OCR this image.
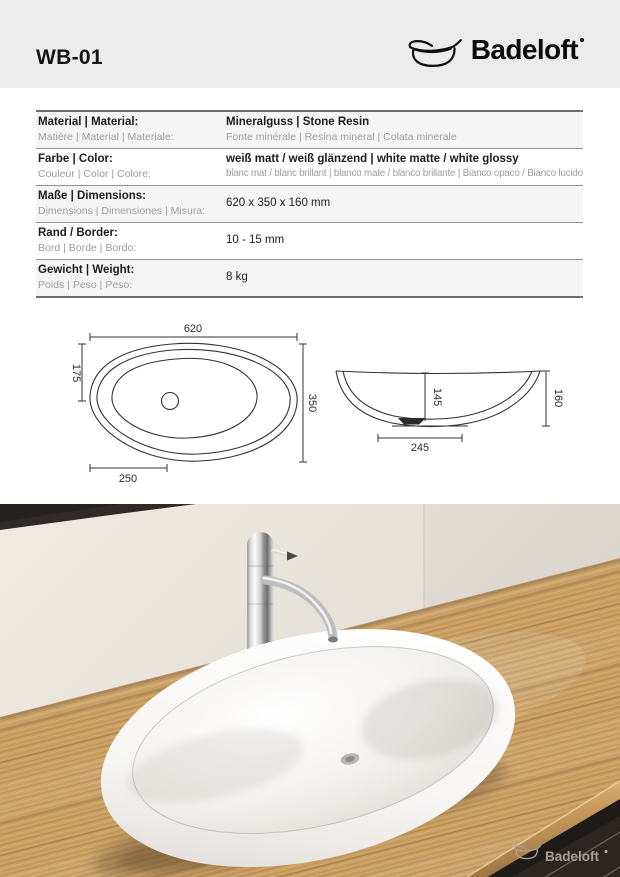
WB-01	Badeloft
Material | Material:
Matière | Material | Materiale:
Mineralguss | Stone Resin
Fonte minérale | Resina mineral | Colata minerale
Farbe | Color:
Couleur | Color | Colore:
weiß matt / weiß glänzend | white matte / white glossy
blanc mat / blanc brillant | blanco mate / blanco brillante | Bianco opaco / Bianco lucido
Maße | Dimensions:
Dimensions | Dimensiones | Misura:
620 x 350 x 160 mm
Rand / Border:
Bord | Borde | Bordo:
10 - 15 mm
Gewicht | Weight:
Poids | Peso | Peso:
8 kg
620
350
175
250
145
245
160
Badeloft
